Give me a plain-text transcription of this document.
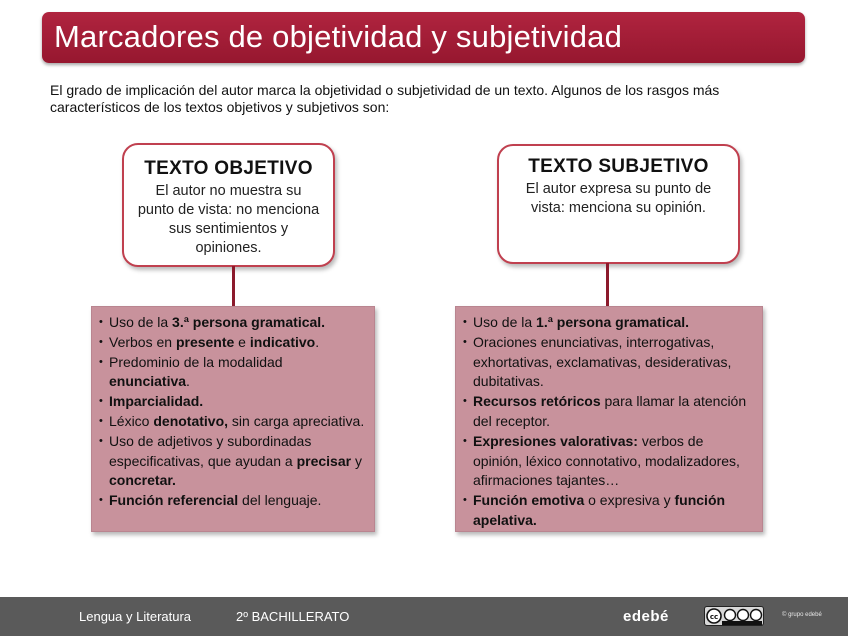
Marcadores de objetividad y subjetividad

El grado de implicación del autor marca la objetividad o subjetividad de un texto. Algunos de los rasgos más característicos de los textos objetivos y subjetivos son:

TEXTO OBJETIVO
El autor no muestra su punto de vista: no menciona sus sentimientos y opiniones.
• Uso de la 3.ª persona gramatical.
• Verbos en presente e indicativo.
• Predominio de la modalidad enunciativa.
• Imparcialidad.
• Léxico denotativo, sin carga apreciativa.
• Uso de adjetivos y subordinadas especificativas, que ayudan a precisar y concretar.
• Función referencial del lenguaje.
TEXTO SUBJETIVO
El autor expresa su punto de vista: menciona su opinión.
• Uso de la 1.ª persona gramatical.
• Oraciones enunciativas, interrogativas, exhortativas, exclamativas, desiderativas, dubitativas.
• Recursos retóricos para llamar la atención del receptor.
• Expresiones valorativas: verbos de opinión, léxico connotativo, modalizadores, afirmaciones tajantes…
• Función emotiva o expresiva y función apelativa.
Lengua y Literatura	2º BACHILLERATO	edebé	cc	© grupo edebé
